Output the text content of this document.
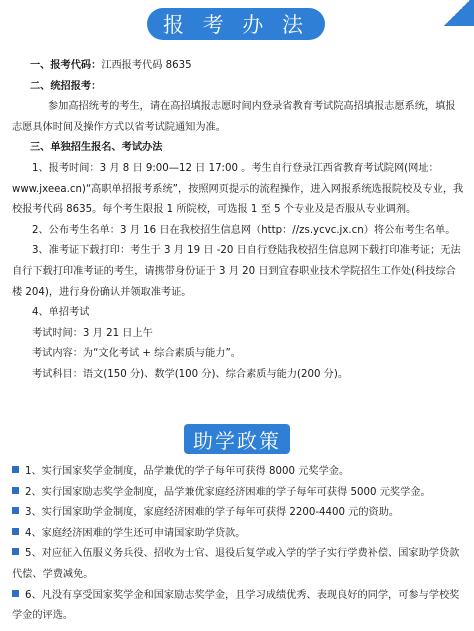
报 考 办 法

一、报考代码：江西报考代码 8635

二、统招报考：

参加高招统考的考生，请在高招填报志愿时间内登录省教育考试院高招填报志愿系统，填报志愿具体时间及操作方式以省考试院通知为准。

三、单独招生报名、考试办法

1、报考时间：3 月 8 日 9:00—12 日 17:00 。考生自行登录江西省教育考试院网(网址：www.jxeea.cn)“高职单招报考系统”，按照网页提示的流程操作，进入网报系统选报院校及专业，我校报考代码 8635。每个考生限报 1 所院校，可选报 1 至 5 个专业及是否服从专业调剂。

2、公布考生名单：3 月 16 日在我校招生信息网（http：//zs.ycvc.jx.cn）将公布考生名单。

3、准考证下载打印：考生于 3 月 19 日 -20 日自行登陆我校招生信息网下载打印准考证；无法自行下载打印准考证的考生，请携带身份证于 3 月 20 日到宜春职业技术学院招生工作处(科技综合楼 204)，进行身份确认并领取准考证。

4、单招考试

考试时间：3 月 21 日上午

考试内容：为“文化考试 + 综合素质与能力”。

考试科目：语文(150 分)、数学(100 分)、综合素质与能力(200 分)。

助学政策

1、实行国家奖学金制度，品学兼优的学子每年可获得 8000 元奖学金。

2、实行国家励志奖学金制度，品学兼优家庭经济困难的学子每年可获得 5000 元奖学金。

3、实行国家助学金制度，家庭经济困难的学子每年可获得 2200-4400 元的资助。

4、家庭经济困难的学生还可申请国家助学贷款。

5、对应征入伍服义务兵役、招收为士官、退役后复学或入学的学子实行学费补偿、国家助学贷款代偿、学费减免。

6、凡没有享受国家奖学金和国家励志奖学金，且学习成绩优秀、表现良好的同学，可参与学校奖学金的评选。
